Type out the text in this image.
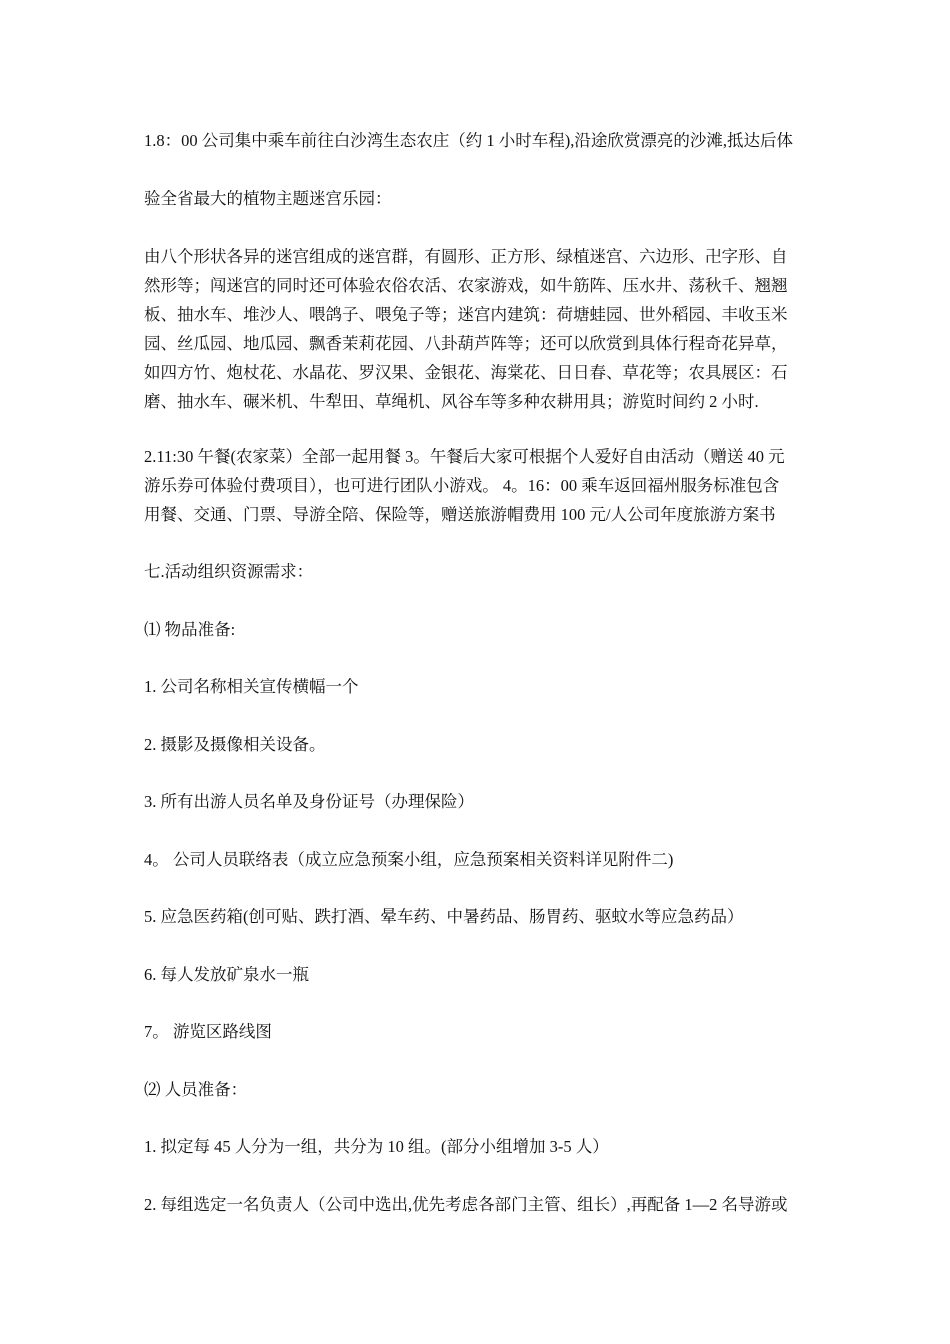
1.8：00 公司集中乘车前往白沙湾生态农庄（约 1 小时车程),沿途欣赏漂亮的沙滩,抵达后体
验全省最大的植物主题迷宫乐园：
由八个形状各异的迷宫组成的迷宫群，有圆形、正方形、绿植迷宫、六边形、卍字形、自
然形等；闯迷宫的同时还可体验农俗农活、农家游戏，如牛筋阵、压水井、荡秋千、翘翘
板、抽水车、堆沙人、喂鸽子、喂兔子等；迷宫内建筑：荷塘蛙园、世外稻园、丰收玉米
园、丝瓜园、地瓜园、飘香茉莉花园、八卦葫芦阵等；还可以欣赏到具体行程奇花异草，
如四方竹、炮杖花、水晶花、罗汉果、金银花、海棠花、日日春、草花等；农具展区：石
磨、抽水车、碾米机、牛犁田、草绳机、风谷车等多种农耕用具；游览时间约 2 小时.
2.11:30 午餐(农家菜）全部一起用餐 3。午餐后大家可根据个人爱好自由活动（赠送 40 元
游乐券可体验付费项目），也可进行团队小游戏。 4。16：00 乘车返回福州服务标准包含
用餐、交通、门票、导游全陪、保险等，赠送旅游帽费用 100 元/人公司年度旅游方案书
七.活动组织资源需求：
⑴ 物品准备:
1. 公司名称相关宣传横幅一个
2. 摄影及摄像相关设备。
3. 所有出游人员名单及身份证号（办理保险）
4。 公司人员联络表（成立应急预案小组，应急预案相关资料详见附件二)
5. 应急医药箱(创可贴、跌打酒、晕车药、中暑药品、肠胃药、驱蚊水等应急药品）
6. 每人发放矿泉水一瓶
7。 游览区路线图
⑵ 人员准备：
1. 拟定每 45 人分为一组，共分为 10 组。(部分小组增加 3-5 人）
2. 每组选定一名负责人（公司中选出,优先考虑各部门主管、组长）,再配备 1—2 名导游或
